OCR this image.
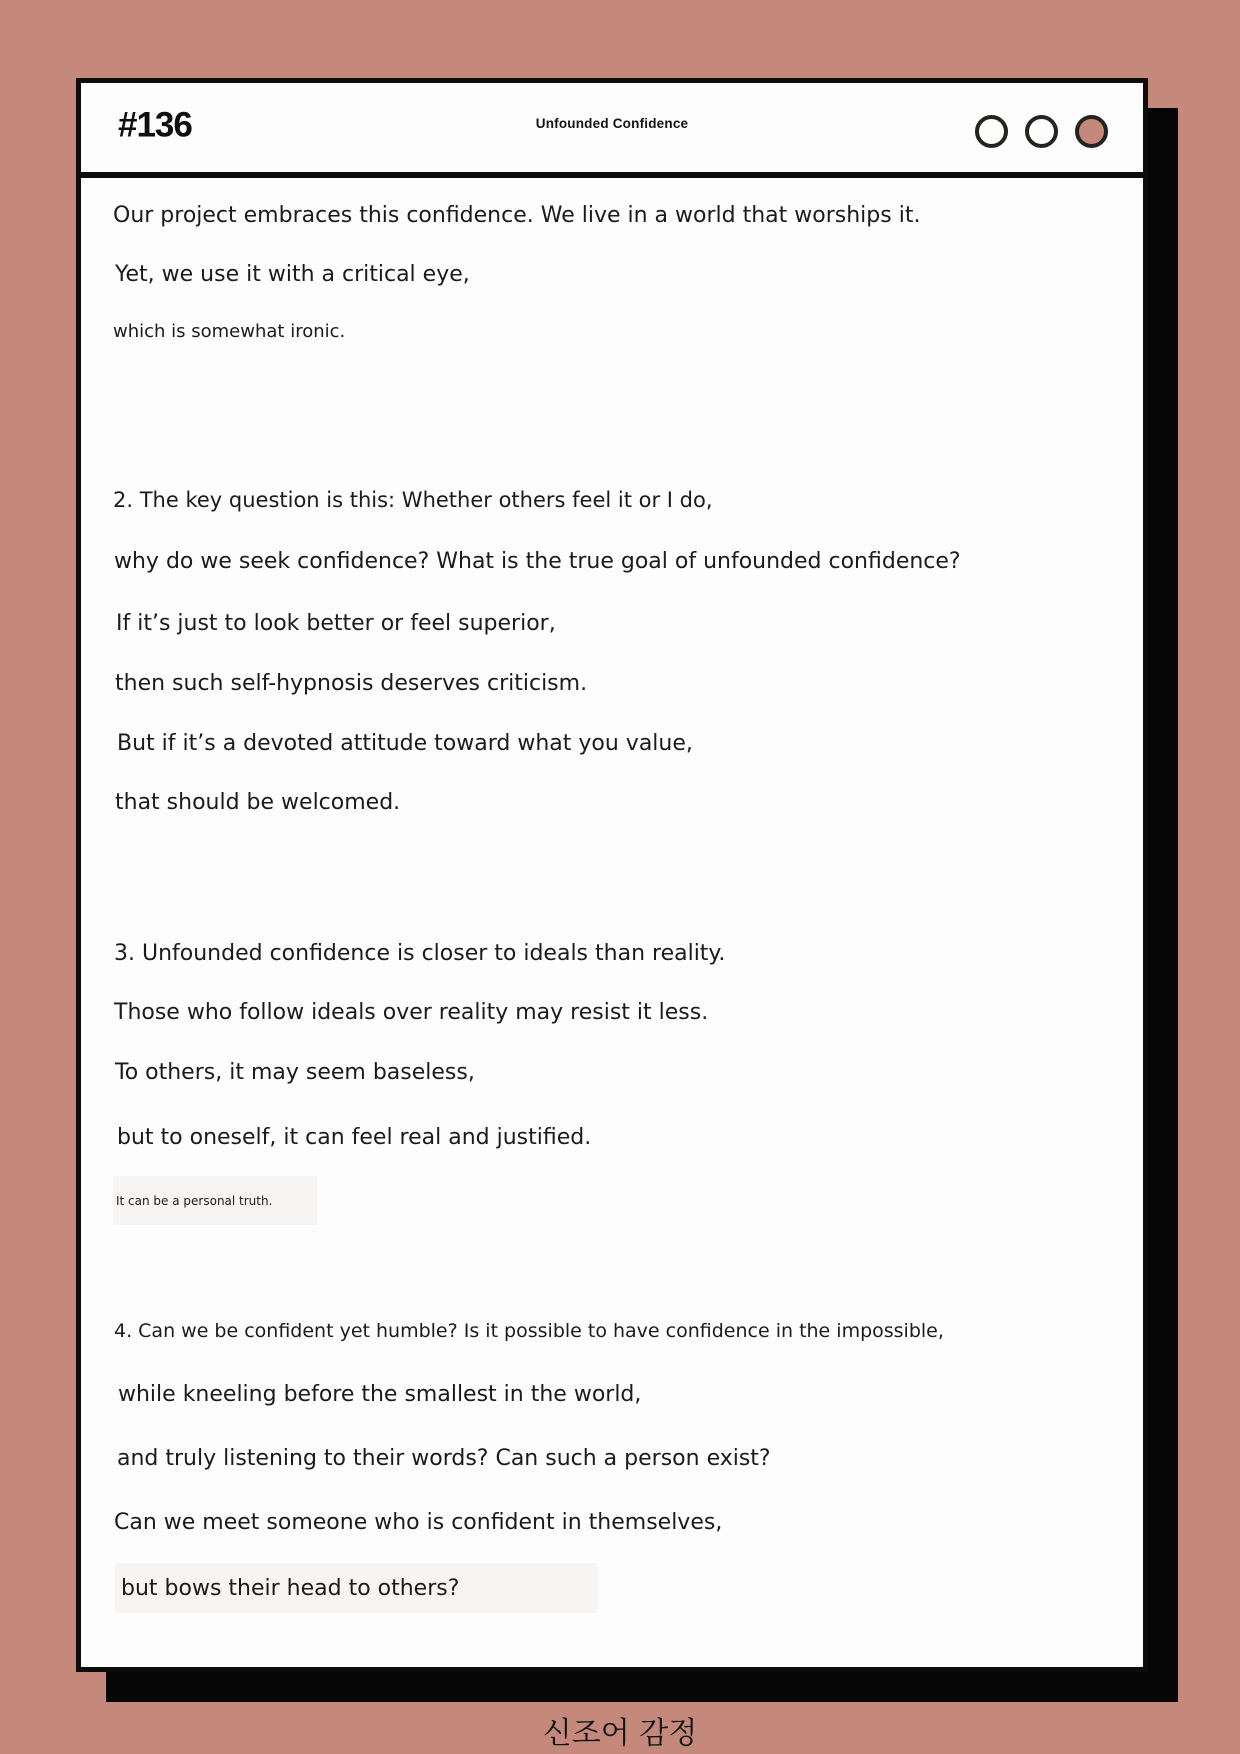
#136	Unfounded Confidence
Our project embraces this confidence. We live in a world that worships it.
Yet, we use it with a critical eye,
which is somewhat ironic.
2. The key question is this: Whether others feel it or I do,
why do we seek confidence? What is the true goal of unfounded confidence?
If it’s just to look better or feel superior,
then such self-hypnosis deserves criticism.
But if it’s a devoted attitude toward what you value,
that should be welcomed.
3. Unfounded confidence is closer to ideals than reality.
Those who follow ideals over reality may resist it less.
To others, it may seem baseless,
but to oneself, it can feel real and justified.
It can be a personal truth.
4. Can we be confident yet humble? Is it possible to have confidence in the impossible,
while kneeling before the smallest in the world,
and truly listening to their words? Can such a person exist?
Can we meet someone who is confident in themselves,
but bows their head to others?
신조어 감정
